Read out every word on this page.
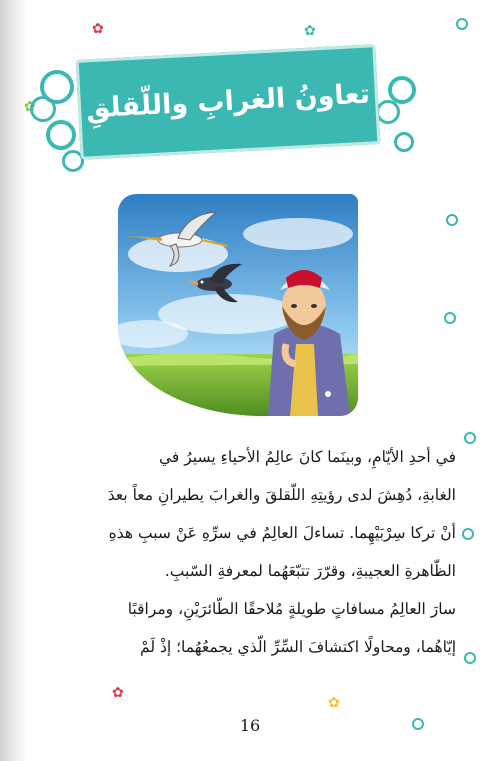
✿	✿
✿
✿
✿
تعاونُ الغرابِ واللّقلقِ
في أحدِ الأيّامِ، وبينَما كانَ عالِمُ الأحياءِ يسيرُ في
الغابةِ، دُهِشَ لدى رؤيتِهِ اللّقلقَ والغرابَ يطيرانِ معاً بعدَ
أنْ تركا سِرْبَيْهِما. تساءلَ العالِمُ في سرِّهِ عَنْ سببِ هذهِ
الظّاهرةِ العجيبةِ، وقرّرَ تتبّعَهُما لمعرفةِ السّببِ.
سارَ العالِمُ مسافاتٍ طويلةٍ مُلاحقًا الطّائرَيْنِ، ومراقبًا
إيّاهُما، ومحاولًا اكتشافَ السِّرِّ الّذي يجمعُهُما؛ إذْ لَمْ
16
